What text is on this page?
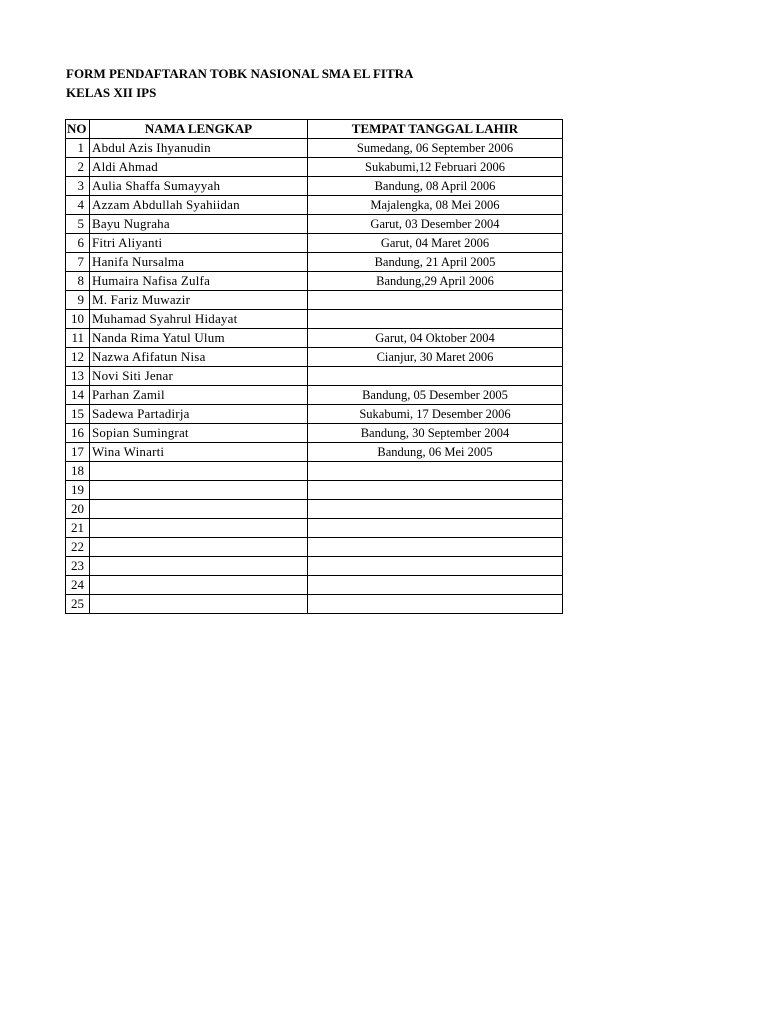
FORM PENDAFTARAN TOBK NASIONAL SMA EL FITRA
KELAS XII IPS
NO	NAMA LENGKAP	TEMPAT TANGGAL LAHIR
1	Abdul Azis Ihyanudin	Sumedang, 06 September 2006
2	Aldi Ahmad	Sukabumi,12 Februari 2006
3	Aulia Shaffa Sumayyah	Bandung, 08 April 2006
4	Azzam Abdullah Syahiidan	Majalengka, 08 Mei 2006
5	Bayu Nugraha	Garut, 03 Desember 2004
6	Fitri Aliyanti	Garut, 04 Maret 2006
7	Hanifa Nursalma	Bandung, 21 April 2005
8	Humaira Nafisa Zulfa	Bandung,29 April 2006
9	M. Fariz Muwazir	
10	Muhamad Syahrul Hidayat	
11	Nanda Rima Yatul Ulum	Garut, 04 Oktober 2004
12	Nazwa Afifatun Nisa	Cianjur, 30 Maret 2006
13	Novi Siti Jenar	
14	Parhan Zamil	Bandung, 05 Desember 2005
15	Sadewa Partadirja	Sukabumi, 17 Desember 2006
16	Sopian Sumingrat	Bandung, 30 September 2004
17	Wina Winarti	Bandung, 06 Mei 2005
18		
19		
20		
21		
22		
23		
24		
25		
